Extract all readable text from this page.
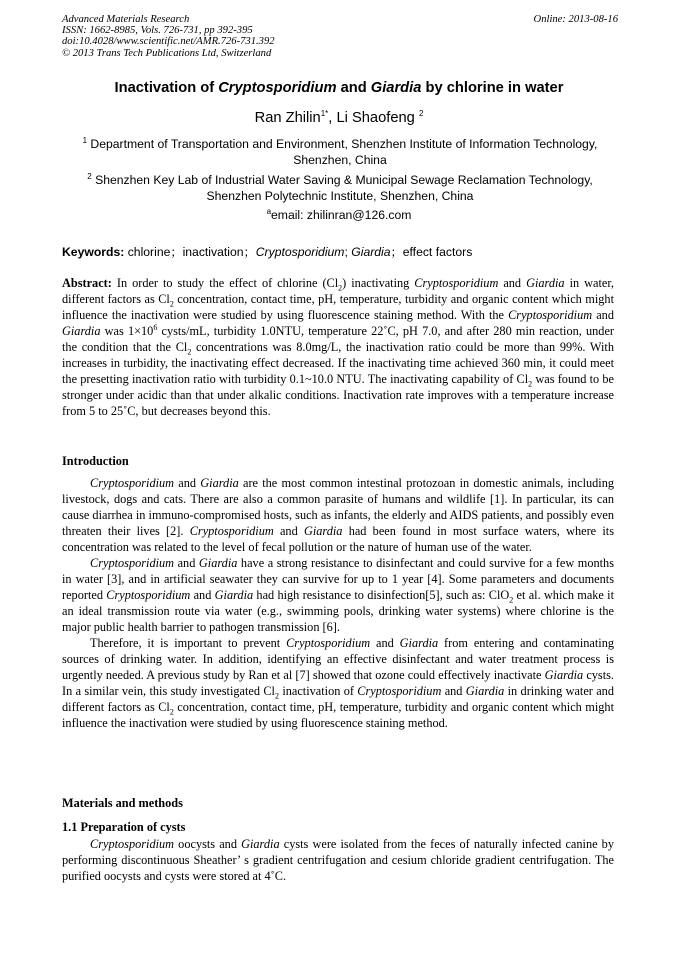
Advanced Materials Research
ISSN: 1662-8985, Vols. 726-731, pp 392-395
doi:10.4028/www.scientific.net/AMR.726-731.392
© 2013 Trans Tech Publications Ltd, Switzerland
Online: 2013-08-16
Inactivation of Cryptosporidium and Giardia by chlorine in water
Ran Zhilin$^{1*}$, Li Shaofeng $^2$
$^1$ Department of Transportation and Environment, Shenzhen Institute of Information Technology,
Shenzhen, China
$^2$ Shenzhen Key Lab of Industrial Water Saving & Municipal Sewage Reclamation Technology,
Shenzhen Polytechnic Institute, Shenzhen, China
$^a$email: zhilinran@126.com
Keywords: chlorine；inactivation；Cryptosporidium; Giardia；effect factors

Abstract: In order to study the effect of chlorine $(Cl_2)$ inactivating Cryptosporidium and Giardia in water, different factors as $Cl_2$ concentration, contact time, pH, temperature, turbidity and organic content which might influence the inactivation were studied by using fluorescence staining method. With the Cryptosporidium and Giardia was $1\times 10^6$ cysts/mL, turbidity 1.0NTU, temperature 22˚C, pH 7.0, and after 280 min reaction, under the condition that the $Cl_2$ concentrations was 8.0mg/L, the inactivation ratio could be more than 99%. With increases in turbidity, the inactivating effect decreased. If the inactivating time achieved 360 min, it could meet the presetting inactivation ratio with turbidity 0.1~10.0 NTU. The inactivating capability of $Cl_2$ was found to be stronger under acidic than that under alkalic conditions. Inactivation rate improves with a temperature increase from 5 to 25˚C, but decreases beyond this.

Introduction

Cryptosporidium and Giardia are the most common intestinal protozoan in domestic animals, including livestock, dogs and cats. There are also a common parasite of humans and wildlife [1]. In particular, its can cause diarrhea in immuno-compromised hosts, such as infants, the elderly and AIDS patients, and possibly even threaten their lives [2]. Cryptosporidium and Giardia had been found in most surface waters, where its concentration was related to the level of fecal pollution or the nature of human use of the water.

Cryptosporidium and Giardia have a strong resistance to disinfectant and could survive for a few months in water [3], and in artificial seawater they can survive for up to 1 year [4]. Some parameters and documents reported Cryptosporidium and Giardia had high resistance to disinfection[5], such as: ClO$_2$ et al. which make it an ideal transmission route via water (e.g., swimming pools, drinking water systems) where chlorine is the major public health barrier to pathogen transmission [6].

Therefore, it is important to prevent Cryptosporidium and Giardia from entering and contaminating sources of drinking water. In addition, identifying an effective disinfectant and water treatment process is urgently needed. A previous study by Ran et al [7] showed that ozone could effectively inactivate Giardia cysts. In a similar vein, this study investigated $Cl_2$ inactivation of Cryptosporidium and Giardia in drinking water and different factors as $Cl_2$ concentration, contact time, pH, temperature, turbidity and organic content which might influence the inactivation were studied by using fluorescence staining method.

Materials and methods
1.1 Preparation of cysts

Cryptosporidium oocysts and Giardia cysts were isolated from the feces of naturally infected canine by performing discontinuous Sheather’ s gradient centrifugation and cesium chloride gradient centrifugation. The purified oocysts and cysts were stored at 4˚C.
